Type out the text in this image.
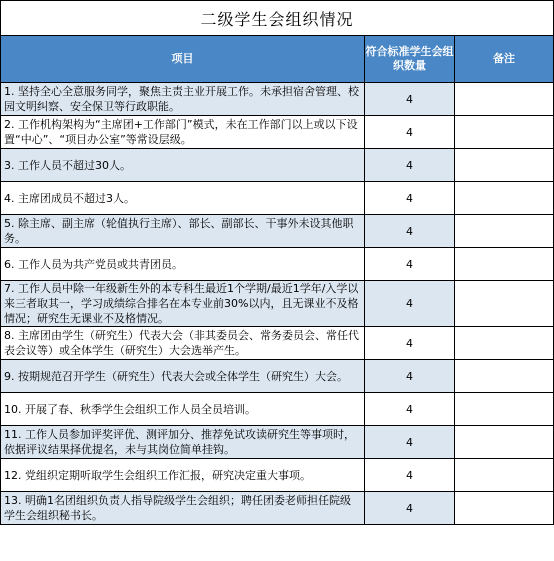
二级学生会组织情况		
项目	符合标准学生会组织数量	备注
1. 坚持全心全意服务同学，聚焦主责主业开展工作。未承担宿舍管理、校园文明纠察、安全保卫等行政职能。	4	
2. 工作机构架构为“主席团+工作部门”模式，未在工作部门以上或以下设置“中心”、“项目办公室”等常设层级。	4	
3. 工作人员不超过30人。	4	
4. 主席团成员不超过3人。	4	
5. 除主席、副主席（轮值执行主席）、部长、副部长、干事外未设其他职务。	4	
6. 工作人员为共产党员或共青团员。	4	
7. 工作人员中除一年级新生外的本专科生最近1个学期/最近1学年/入学以来三者取其一，学习成绩综合排名在本专业前30%以内，且无课业不及格情况；研究生无课业不及格情况。	4	
8. 主席团由学生（研究生）代表大会（非其委员会、常务委员会、常任代表会议等）或全体学生（研究生）大会选举产生。	4	
9. 按期规范召开学生（研究生）代表大会或全体学生（研究生）大会。	4	
10. 开展了春、秋季学生会组织工作人员全员培训。	4	
11. 工作人员参加评奖评优、测评加分、推荐免试攻读研究生等事项时，依据评议结果择优提名，未与其岗位简单挂钩。	4	
12. 党组织定期听取学生会组织工作汇报，研究决定重大事项。	4	
13. 明确1名团组织负责人指导院级学生会组织；聘任团委老师担任院级学生会组织秘书长。	4	
